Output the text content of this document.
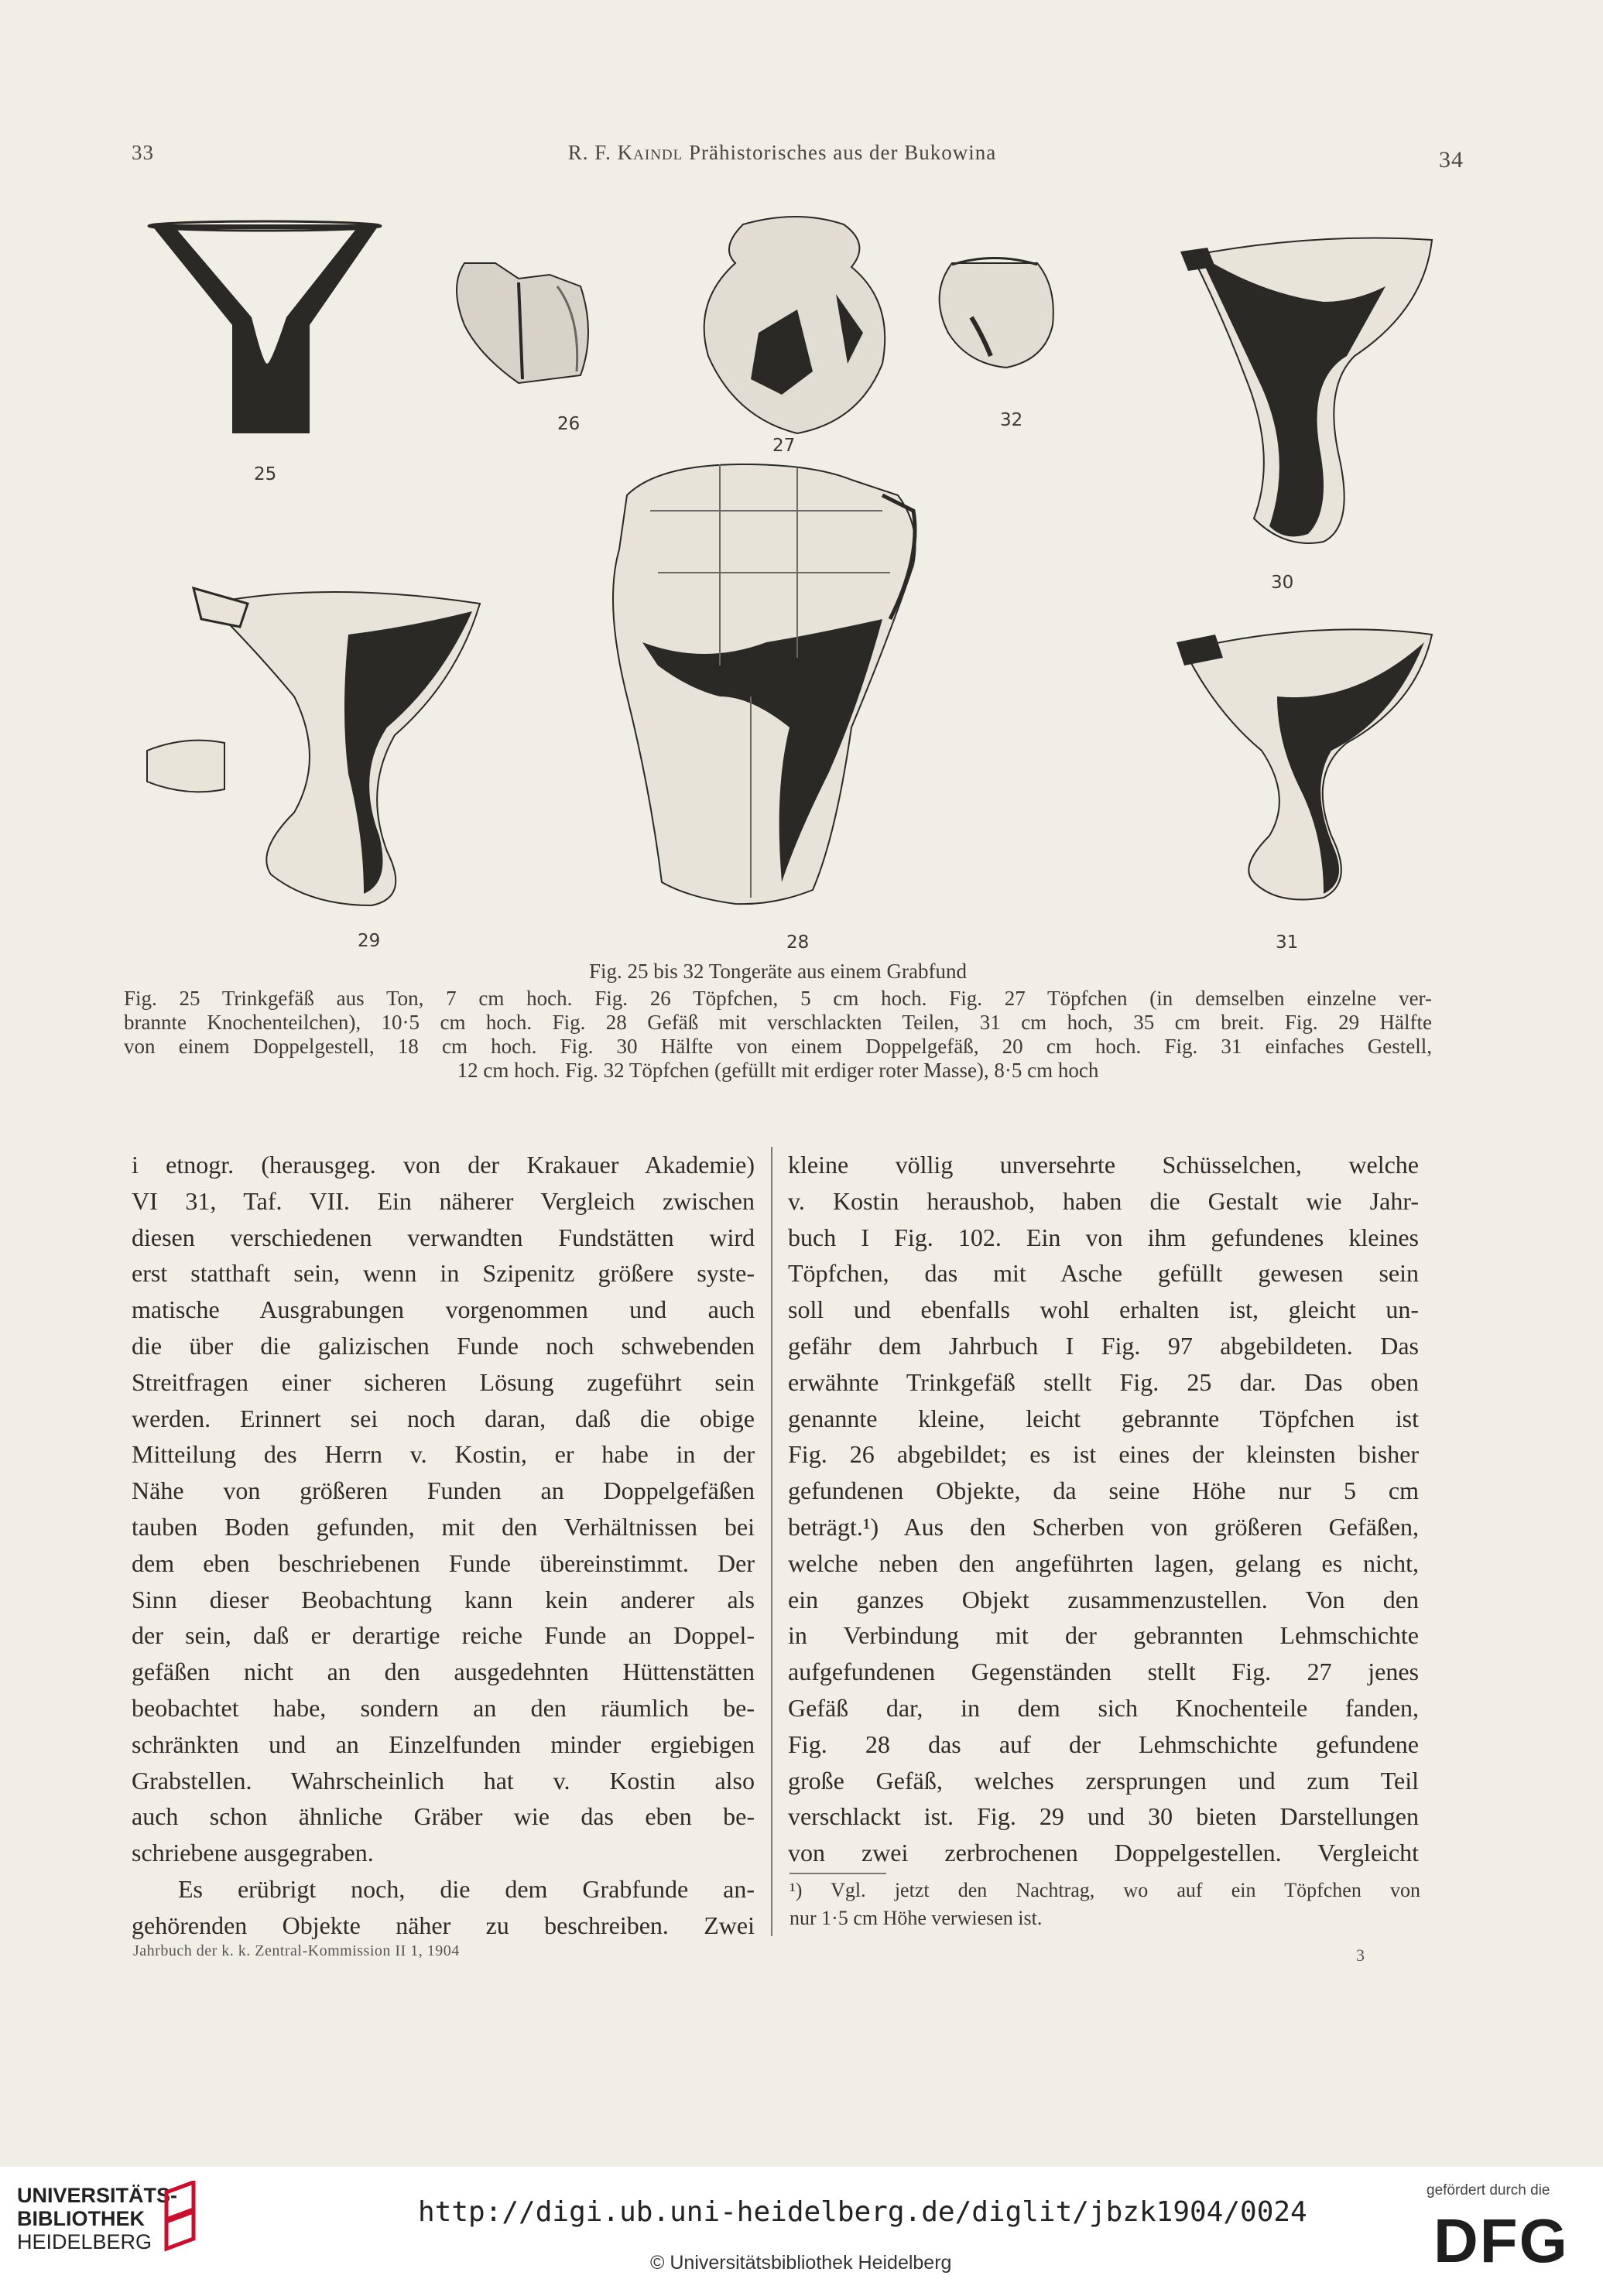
33	R. F. Kaindl Prähistorisches aus der Bukowina	34
26
25
27
32
30
29	28	31
Fig. 25 bis 32 Tongeräte aus einem Grabfund
Fig. 25 Trinkgefäß aus Ton, 7 cm hoch. Fig. 26 Töpfchen, 5 cm hoch. Fig. 27 Töpfchen (in demselben einzelne ver-
brannte Knochenteilchen), 10·5 cm hoch. Fig. 28 Gefäß mit verschlackten Teilen, 31 cm hoch, 35 cm breit. Fig. 29 Hälfte
von einem Doppelgestell, 18 cm hoch. Fig. 30 Hälfte von einem Doppelgefäß, 20 cm hoch. Fig. 31 einfaches Gestell,
12 cm hoch. Fig. 32 Töpfchen (gefüllt mit erdiger roter Masse), 8·5 cm hoch
i etnogr. (herausgeg. von der Krakauer Akademie)
VI 31, Taf. VII. Ein näherer Vergleich zwischen
diesen verschiedenen verwandten Fundstätten wird
erst statthaft sein, wenn in Szipenitz größere syste-
matische Ausgrabungen vorgenommen und auch
die über die galizischen Funde noch schwebenden
Streitfragen einer sicheren Lösung zugeführt sein
werden. Erinnert sei noch daran, daß die obige
Mitteilung des Herrn v. Kostin, er habe in der
Nähe von größeren Funden an Doppelgefäßen
tauben Boden gefunden, mit den Verhältnissen bei
dem eben beschriebenen Funde übereinstimmt. Der
Sinn dieser Beobachtung kann kein anderer als
der sein, daß er derartige reiche Funde an Doppel-
gefäßen nicht an den ausgedehnten Hüttenstätten
beobachtet habe, sondern an den räumlich be-
schränkten und an Einzelfunden minder ergiebigen
Grabstellen. Wahrscheinlich hat v. Kostin also
auch schon ähnliche Gräber wie das eben be-
schriebene ausgegraben.
Es erübrigt noch, die dem Grabfunde an-
gehörenden Objekte näher zu beschreiben. Zwei
kleine völlig unversehrte Schüsselchen, welche
v. Kostin heraushob, haben die Gestalt wie Jahr-
buch I Fig. 102. Ein von ihm gefundenes kleines
Töpfchen, das mit Asche gefüllt gewesen sein
soll und ebenfalls wohl erhalten ist, gleicht un-
gefähr dem Jahrbuch I Fig. 97 abgebildeten. Das
erwähnte Trinkgefäß stellt Fig. 25 dar. Das oben
genannte kleine, leicht gebrannte Töpfchen ist
Fig. 26 abgebildet; es ist eines der kleinsten bisher
gefundenen Objekte, da seine Höhe nur 5 cm
beträgt.¹) Aus den Scherben von größeren Gefäßen,
welche neben den angeführten lagen, gelang es nicht,
ein ganzes Objekt zusammenzustellen. Von den
in Verbindung mit der gebrannten Lehmschichte
aufgefundenen Gegenständen stellt Fig. 27 jenes
Gefäß dar, in dem sich Knochenteile fanden,
Fig. 28 das auf der Lehmschichte gefundene
große Gefäß, welches zersprungen und zum Teil
verschlackt ist. Fig. 29 und 30 bieten Darstellungen
von zwei zerbrochenen Doppelgestellen. Vergleicht
¹) Vgl. jetzt den Nachtrag, wo auf ein Töpfchen von
nur 1·5 cm Höhe verwiesen ist.
Jahrbuch der k. k. Zentral-Kommission II 1, 1904	3
UNIVERSITÄTS-
BIBLIOTHEK
HEIDELBERG
http://digi.ub.uni-heidelberg.de/diglit/jbzk1904/0024
© Universitätsbibliothek Heidelberg
gefördert durch die
DFG
